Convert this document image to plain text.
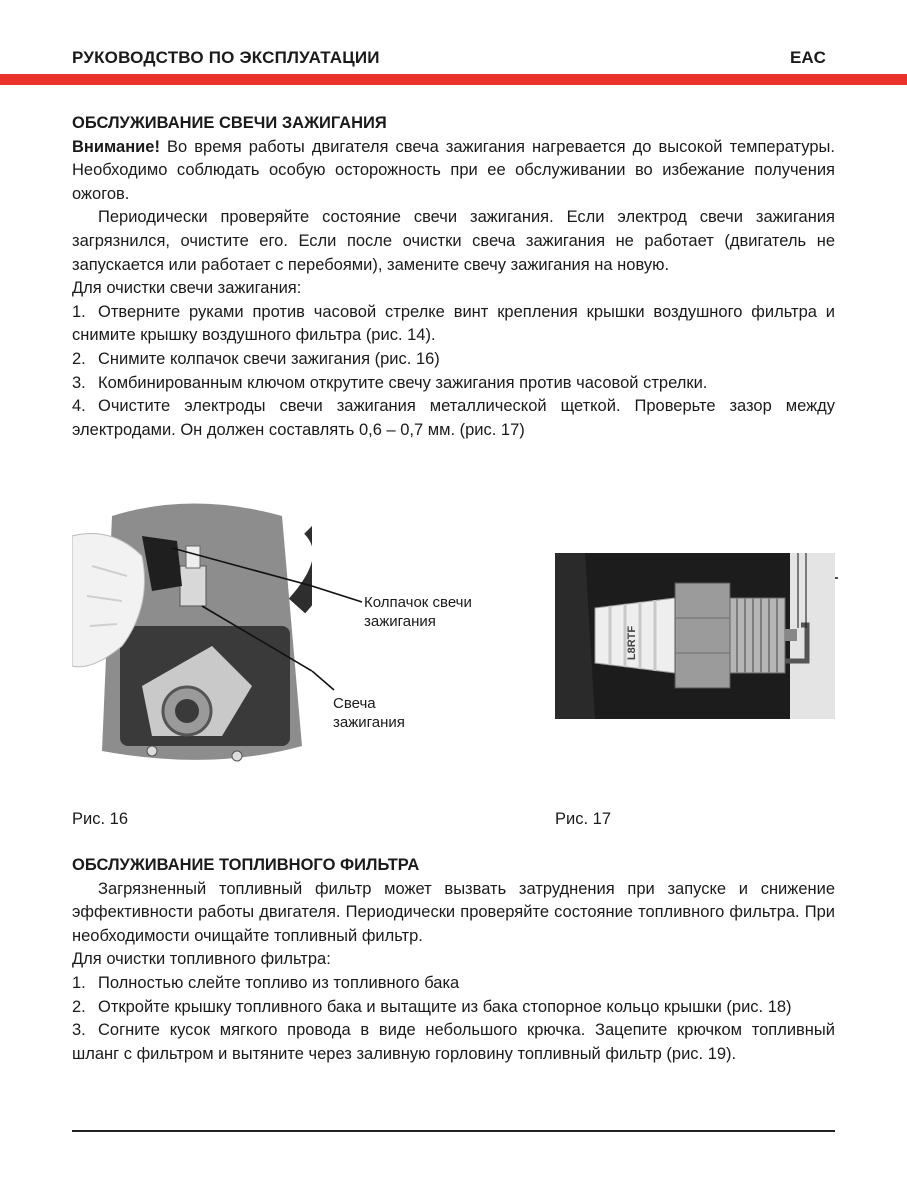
РУКОВОДСТВО ПО ЭКСПЛУАТАЦИИ	EAC

ОБСЛУЖИВАНИЕ СВЕЧИ ЗАЖИГАНИЯ

Внимание! Во время работы двигателя свеча зажигания нагревается до высокой температуры. Необходимо соблюдать особую осторожность при ее обслуживании во избежание получения ожогов.

Периодически проверяйте состояние свечи зажигания. Если электрод свечи зажигания загрязнился, очистите его. Если после очистки свеча зажигания не работает (двигатель не запускается или работает с перебоями), замените свечу зажигания на новую.

Для очистки свечи зажигания:

1. Отверните руками против часовой стрелке винт крепления крышки воздушного фильтра и снимите крышку воздушного фильтра (рис. 14).

2. Снимите колпачок свечи зажигания (рис. 16)

3. Комбинированным ключом открутите свечу зажигания против часовой стрелки.

4. Очистите электроды свечи зажигания металлической щеткой. Проверьте зазор между электродами. Он должен составлять 0,6 – 0,7 мм. (рис. 17)

Колпачок свечи
зажигания
Свеча
зажигания
L8RTF
Рис. 16	Рис. 17

ОБСЛУЖИВАНИЕ ТОПЛИВНОГО ФИЛЬТРА

Загрязненный топливный фильтр может вызвать затруднения при запуске и снижение эффективности работы двигателя. Периодически проверяйте состояние топливного фильтра. При необходимости очищайте топливный фильтр.

Для очистки топливного фильтра:

1. Полностью слейте топливо из топливного бака

2. Откройте крышку топливного бака и вытащите из бака стопорное кольцо крышки (рис. 18)

3. Согните кусок мягкого провода в виде небольшого крючка. Зацепите крючком топливный шланг с фильтром и вытяните через заливную горловину топливный фильтр (рис. 19).
